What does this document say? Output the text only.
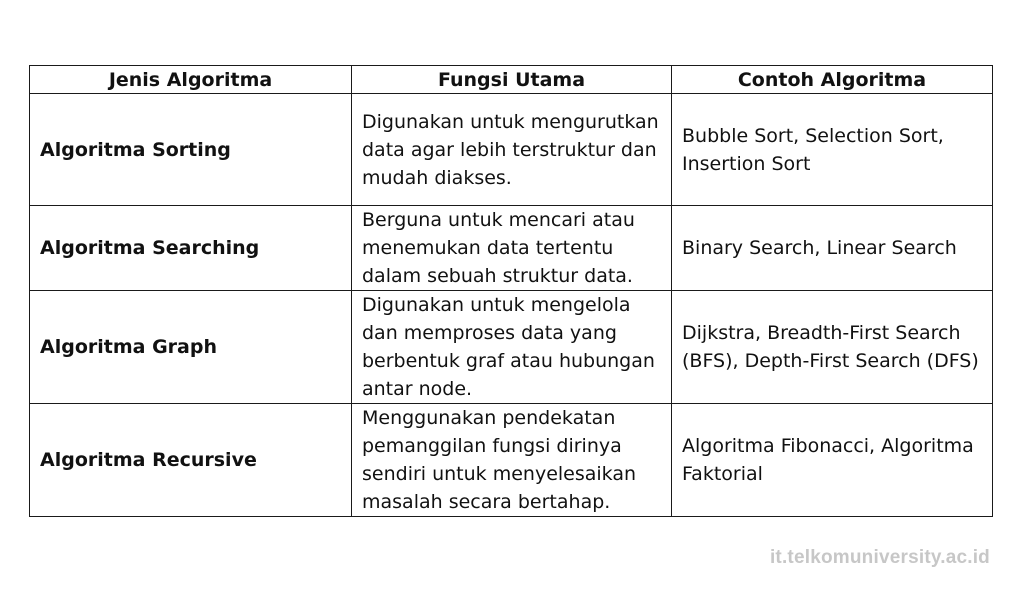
Jenis Algoritma	Fungsi Utama	Contoh Algoritma
Algoritma Sorting	Digunakan untuk mengurutkan data agar lebih terstruktur dan mudah diakses.	Bubble Sort, Selection Sort, Insertion Sort
Algoritma Searching	Berguna untuk mencari atau menemukan data tertentu dalam sebuah struktur data.	Binary Search, Linear Search
Algoritma Graph	Digunakan untuk mengelola dan memproses data yang berbentuk graf atau hubungan antar node.	Dijkstra, Breadth-First Search (BFS), Depth-First Search (DFS)
Algoritma Recursive	Menggunakan pendekatan pemanggilan fungsi dirinya sendiri untuk menyelesaikan masalah secara bertahap.	Algoritma Fibonacci, Algoritma Faktorial
it.telkomuniversity.ac.id
